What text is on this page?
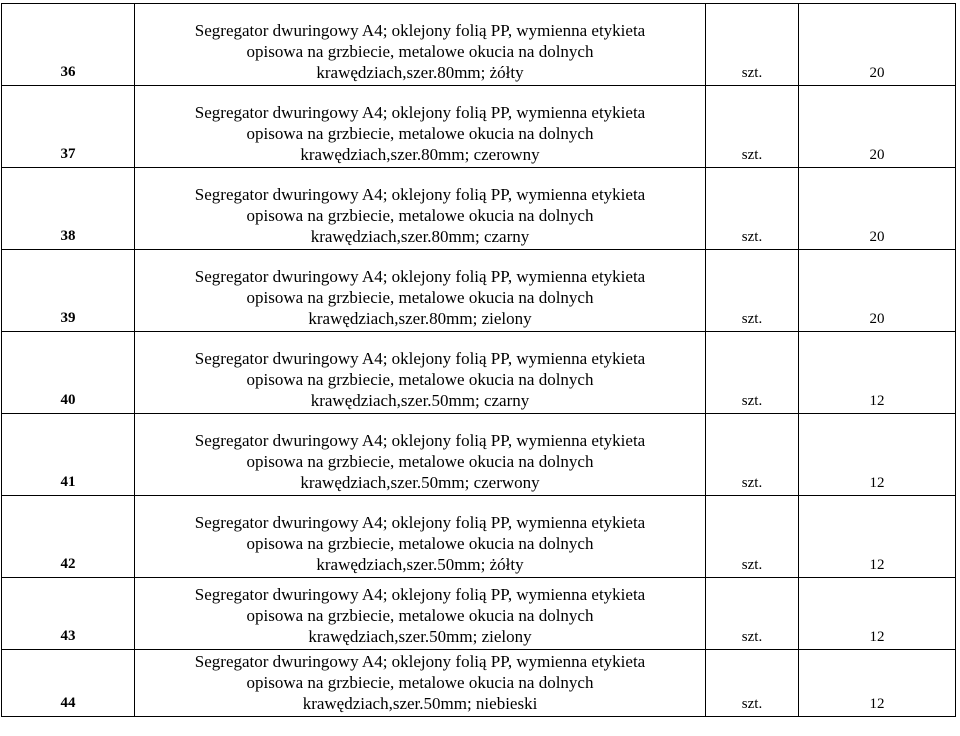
36	Segregator dwuringowy A4; oklejony folią PP, wymienna etykieta
opisowa na grzbiecie, metalowe okucia na dolnych
krawędziach,szer.80mm; żółty	szt.	20
37	Segregator dwuringowy A4; oklejony folią PP, wymienna etykieta
opisowa na grzbiecie, metalowe okucia na dolnych
krawędziach,szer.80mm; czerowny	szt.	20
38	Segregator dwuringowy A4; oklejony folią PP, wymienna etykieta
opisowa na grzbiecie, metalowe okucia na dolnych
krawędziach,szer.80mm; czarny	szt.	20
39	Segregator dwuringowy A4; oklejony folią PP, wymienna etykieta
opisowa na grzbiecie, metalowe okucia na dolnych
krawędziach,szer.80mm; zielony	szt.	20
40	Segregator dwuringowy A4; oklejony folią PP, wymienna etykieta
opisowa na grzbiecie, metalowe okucia na dolnych
krawędziach,szer.50mm; czarny	szt.	12
41	Segregator dwuringowy A4; oklejony folią PP, wymienna etykieta
opisowa na grzbiecie, metalowe okucia na dolnych
krawędziach,szer.50mm; czerwony	szt.	12
42	Segregator dwuringowy A4; oklejony folią PP, wymienna etykieta
opisowa na grzbiecie, metalowe okucia na dolnych
krawędziach,szer.50mm; żółty	szt.	12
43	Segregator dwuringowy A4; oklejony folią PP, wymienna etykieta
opisowa na grzbiecie, metalowe okucia na dolnych
krawędziach,szer.50mm; zielony	szt.	12
44	Segregator dwuringowy A4; oklejony folią PP, wymienna etykieta
opisowa na grzbiecie, metalowe okucia na dolnych
krawędziach,szer.50mm; niebieski	szt.	12
